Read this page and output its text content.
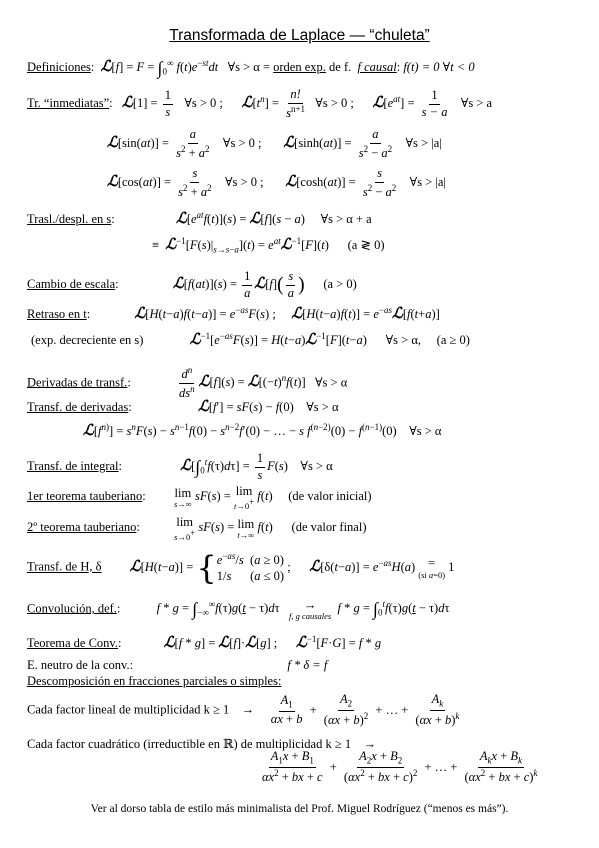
Transformada de Laplace — “chuleta”
Definiciones:  ℒ[f] = $F = \int_0^\infty$ $f(t)e^{-st}dt$ ∀s > α = orden exp. de f. f causal: f(t) = 0 ∀t < 0
Tr. “inmediatas”:   ℒ[1] = $\frac{1}{s}$ ∀s > 0 ; $ℒ[t^n] = \frac{n!}{s^{n+1}}$ ∀s > 0 ; $ℒ[e^{at}] = \frac{1}{s - a}$ ∀s > a
ℒ[sin(at)] = $\frac{a}{s^2 + a^2}$ ∀s > 0 ; ℒ[sinh(at)] = $\frac{a}{s^2 - a^2}$ ∀s > |a|
ℒ[cos(at)] = $\frac{s}{s^2 + a^2}$ ∀s > 0 ; ℒ[cosh(at)] = $\frac{s}{s^2 - a^2}$ ∀s > |a|
Trasl./despl. en s:	$ℒ[e^{at}f(t)](s)$ = ℒ[f](s − a) ∀s > α + a
≡  $ℒ^{-1}[F(s)|_{s\to s-a}](t)$ = $e^{at}ℒ^{-1}[F](t)$ (a ≷ 0)
Cambio de escala:	ℒ[f(at)](s) = $\frac{1}{a}$ ℒ[f]( $\frac{s}{a}$ ) (a > 0)
Retraso en t:	ℒ[H(t−a)f(t−a)] = $e^{-as}F(s)$ ; ℒ[H(t−a)f(t)] = $e^{-as}ℒ[f(t+a)]$
(exp. decreciente en s)	$ℒ^{-1}[e^{-as}F(s)]$ = H(t−a)ℒ$^{-1}$[F](t−a) ∀s > α, (a ≥ 0)
Derivadas de transf.:	$\frac{d^n}{ds^n}$ ℒ[f](s) = $ℒ[(-t)^nf(t)]$ ∀s > α
Transf. de derivadas:	ℒ[f′] = sF(s) − f(0) ∀s > α
$ℒ[f^{n)}] = s^nF(s) - s^{n-1}f(0) - s^{n-2}f'(0)$ − … − s $f^{(n-2)}(0) - f^{(n-1)}(0)$ ∀s > α
Transf. de integral:	$ℒ[\int_0^tf(\tau)d\tau] = \frac{1}{s} F(s)$ ∀s > α
1er teorema tauberiano: lim
s→∞
sF(s) = lim
t→0+ f(t) (de valor inicial)
2º teorema tauberiano:	lim
s→0+ sF(s) = lim
t→∞
f(t) (de valor final)
Transf. de H, δ ℒ[H(t−a)] = { $e^{-as}/s$  (a ≥ 0)
1/s      (a ≤ 0)
; ℒ[δ(t−a)] = $e^{-as}H(a)$ =
(si a=0)
1
Convolución, def.:	$f * g = \int_{-\infty}^\infty f(\tau)g(t - \tau)d\tau$ →
f, g causales
$f * g = \int_0^tf(\tau)g(t - \tau)d\tau$
Teorema de Conv.:	ℒ[f * g] = ℒ[f]·ℒ[g] ; ℒ$^{-1}$[F·G] = f * g
E. neutro de la conv.:	f * δ = f
Descomposición en fracciones parciales o simples:
Cada factor lineal de multiplicidad k ≥ 1    → $\frac{A_1}{\alpha x + b} + \frac{A_2}{(\alpha x + b)^2}$ + … + $\frac{A_k}{(\alpha x + b)^k}$
Cada factor cuadrático (irreductible en ℝ) de multiplicidad k ≥ 1    →
$\frac{A_1x + B_1}{\alpha x^2 + bx + c} + \frac{A_2x + B_2}{(\alpha x^2 + bx + c)^2}$ + … + $\frac{A_kx + B_k}{(\alpha x^2 + bx + c)^k}$
Ver al dorso tabla de estilo más minimalista del Prof. Miguel Rodríguez (“menos es más”).
